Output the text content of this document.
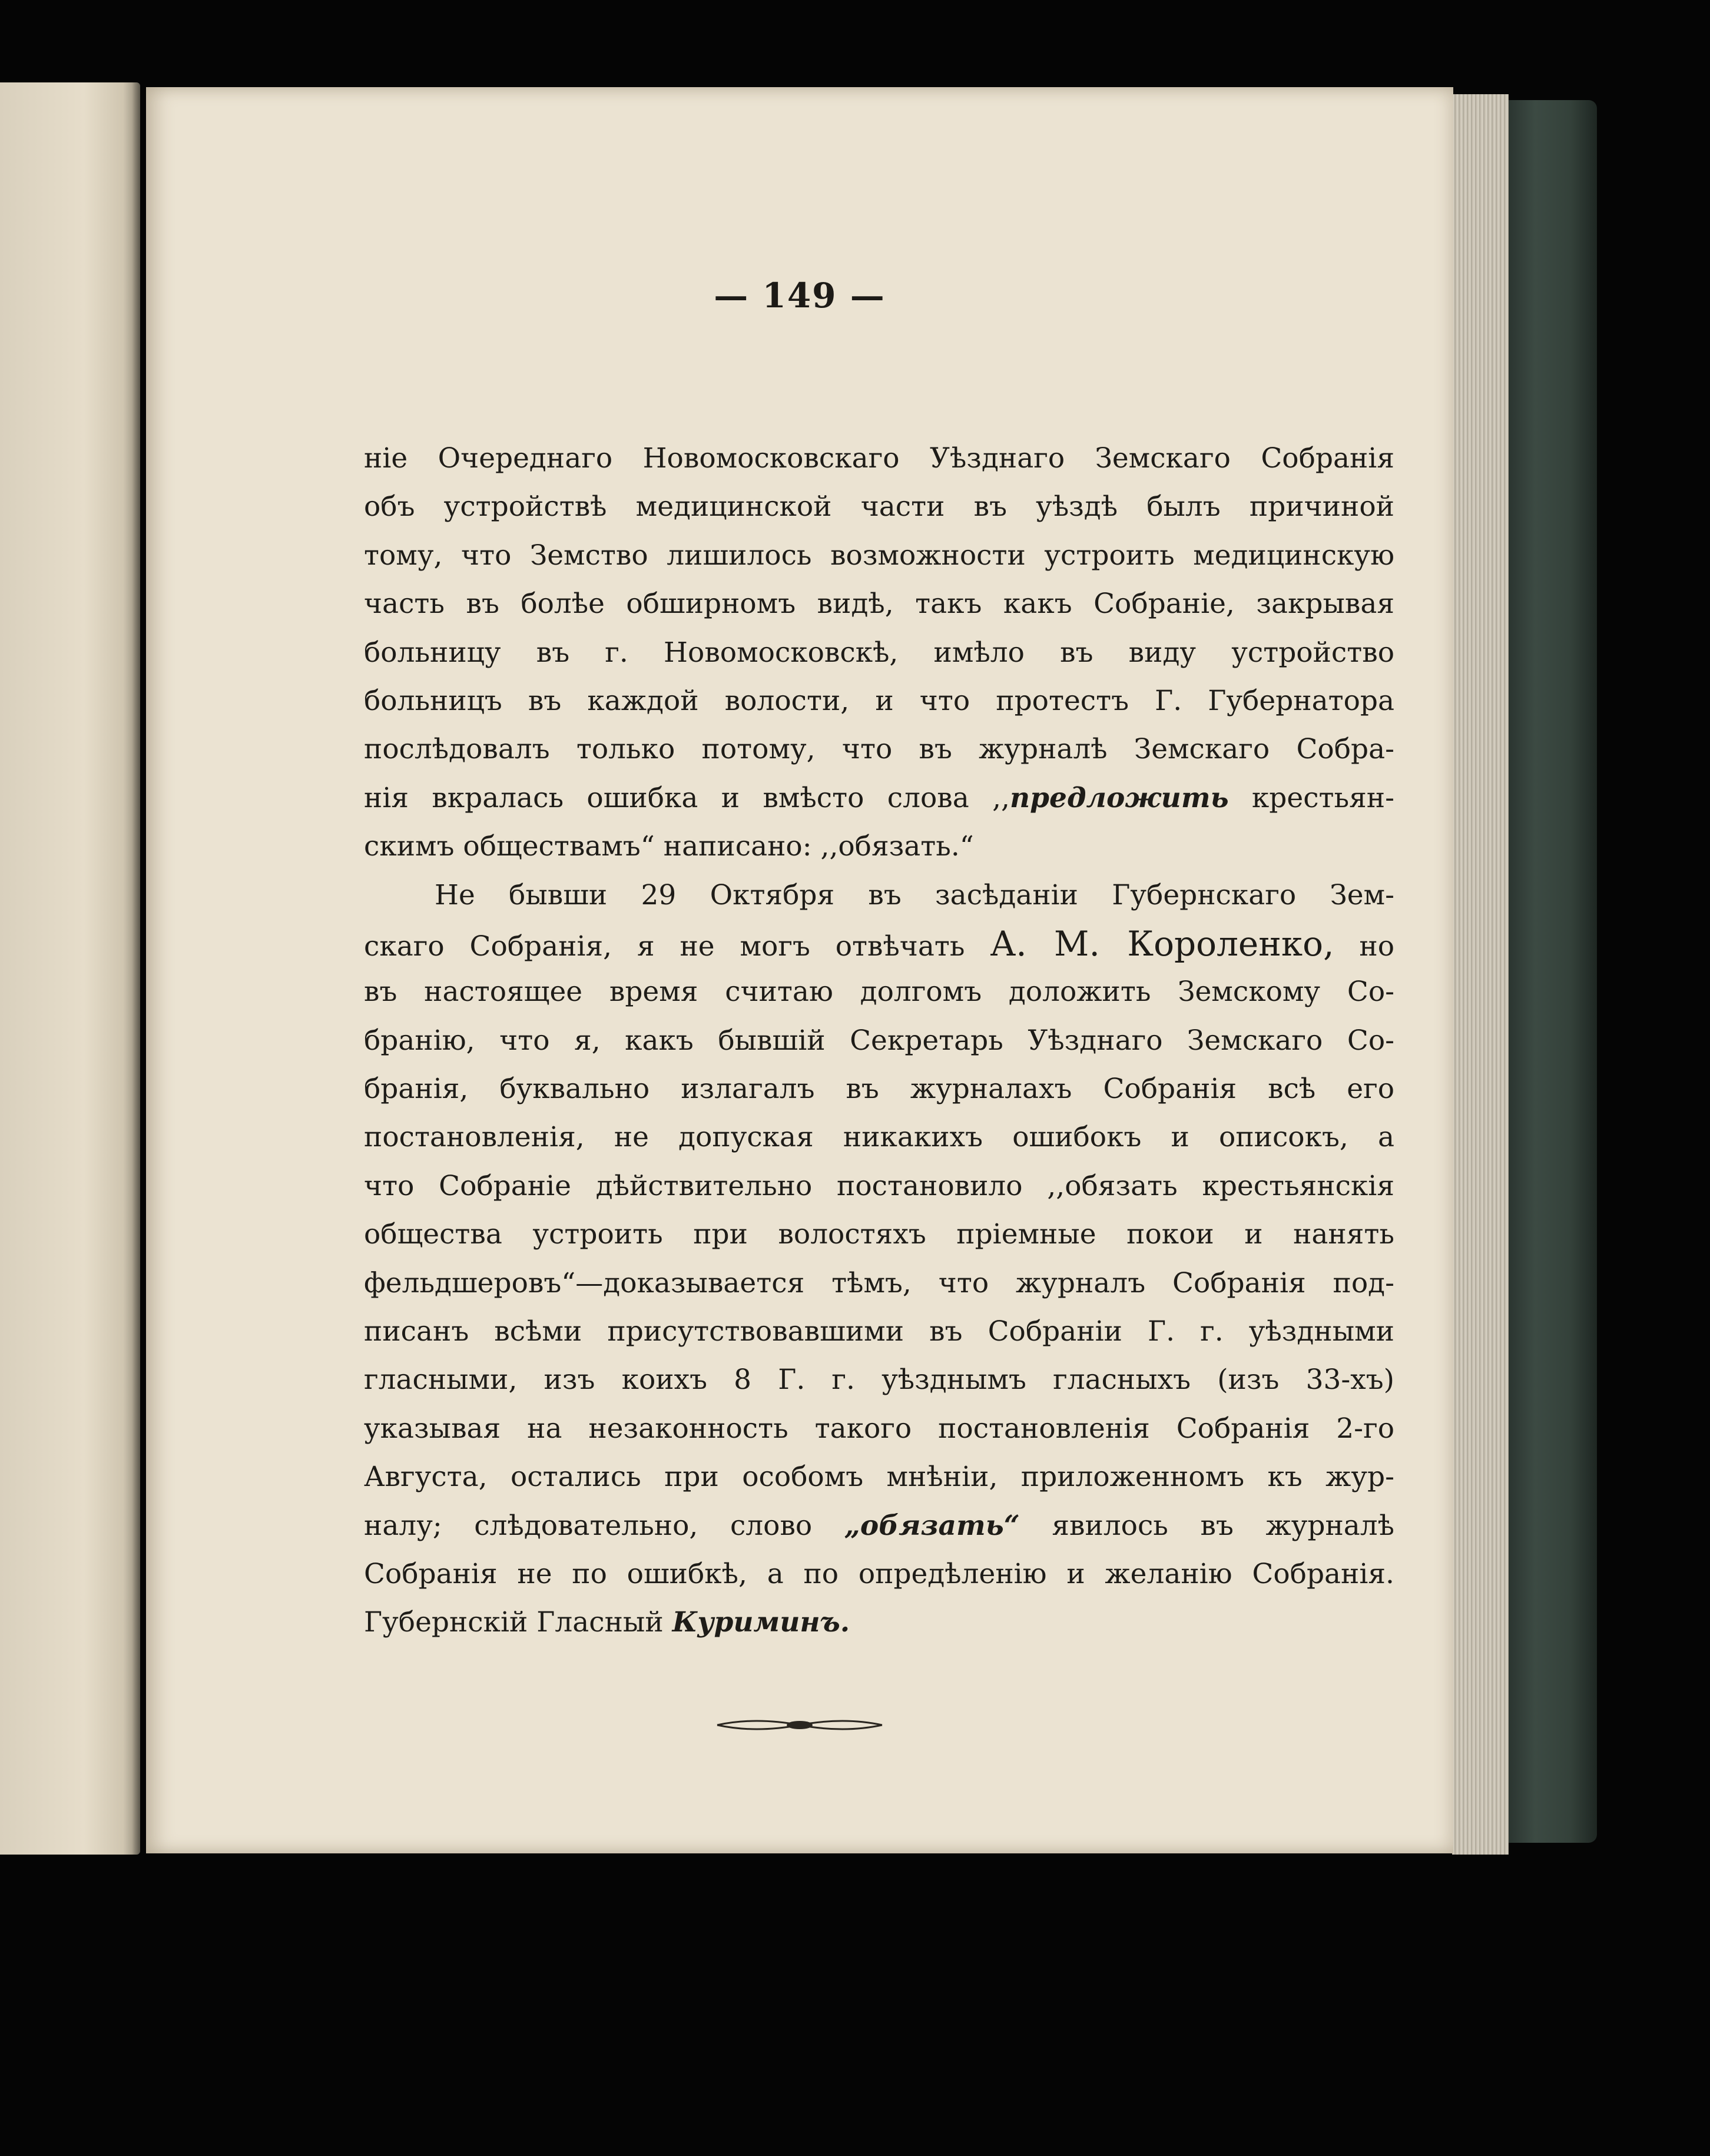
— 149 —
ніе Очереднаго Новомосковскаго Уѣзднаго Земскаго Собранія
объ устройствѣ медицинской части въ уѣздѣ былъ причиной
тому, что Земство лишилось возможности устроить медицинскую
часть въ болѣе обширномъ видѣ, такъ какъ Собраніе, закрывая
больницу въ г. Новомосковскѣ, имѣло въ виду устройство
больницъ въ каждой волости, и что протестъ Г. Губернатора
послѣдовалъ только потому, что въ журналѣ Земскаго Собра-
нія вкралась ошибка и вмѣсто слова ,,предложить крестьян-
скимъ обществамъ“ написано: ,,обязать.“
Не бывши 29 Октября въ засѣданіи Губернскаго Зем-
скаго Собранія, я не могъ отвѣчать А. М. Короленко, но
въ настоящее время считаю долгомъ доложить Земскому Со-
бранію, что я, какъ бывшій Секретарь Уѣзднаго Земскаго Со-
бранія, буквально излагалъ въ журналахъ Собранія всѣ его
постановленія, не допуская никакихъ ошибокъ и описокъ, а
что Собраніе дѣйствительно постановило ,,обязать крестьянскія
общества устроить при волостяхъ пріемные покои и нанять
фельдшеровъ“—доказывается тѣмъ, что журналъ Собранія под-
писанъ всѣми присутствовавшими въ Собраніи Г. г. уѣздными
гласными, изъ коихъ 8 Г. г. уѣзднымъ гласныхъ (изъ 33-хъ)
указывая на незаконность такого постановленія Собранія 2-го
Августа, остались при особомъ мнѣніи, приложенномъ къ жур-
налу; слѣдовательно, слово „обязать“ явилось въ журналѣ
Собранія не по ошибкѣ, а по опредѣленію и желанію Собранія.
Губернскій Гласный Куриминъ.
